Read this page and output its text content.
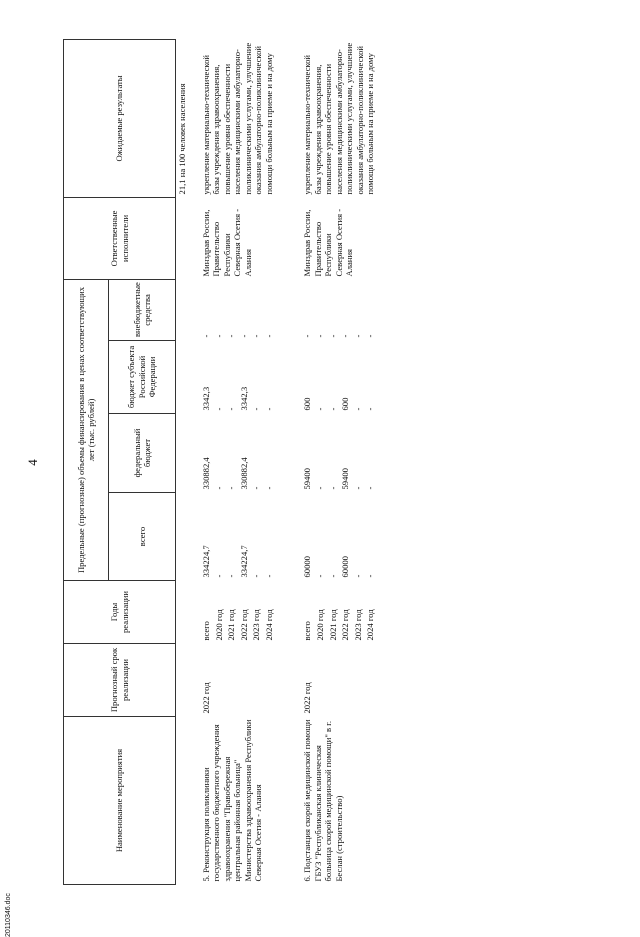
4
Наименование мероприятия	Прогнозный срок реализации	Годы реализации	Предельные (прогнозные) объемы финансирования в ценах соответствующих лет (тыс. рублей)				Ответственные исполнители	Ожидаемые результаты
			всего	федеральный бюджет	бюджет субъекта Российской Федерации	внебюджетные средства		
								21,1 на 100 человек населения
5. Реконструкция поликлиники государственного бюджетного учреждения здравоохранения "Правобережная центральная районная больница" Министерства здравоохранения Республики Северная Осетия - Алания	2022 год	всего	334224,7	330882,4	3342,3	-	Минздрав России, Правительство Республики Северная Осетия - Алания	укрепление материально-технической базы учреждения здравоохранения, повышение уровня обеспеченности населения медицинскими амбулаторно-поликлиническими услугами, улучшение оказания амбулаторно-поликлинической помощи больным на приеме и на дому
		2020 год	-	-	-	-		
		2021 год	-	-	-	-		
		2022 год	334224,7	330882,4	3342,3	-		
		2023 год	-	-	-	-		
		2024 год	-	-	-	-		

6. Подстанция скорой медицинской помощи ГБУЗ "Республиканская клиническая больница скорой медицинской помощи" в г. Беслан (строительство)	2022 год	всего	60000	59400	600	-	Минздрав России, Правительство Республики Северная Осетия - Алания	укрепление материально-технической базы учреждения здравоохранения, повышение уровня обеспеченности населения медицинскими амбулаторно-поликлиническими услугами, улучшение оказания амбулаторно-поликлинической помощи больным на приеме и на дому
		2020 год	-	-	-	-		
		2021 год	-	-	-	-		
		2022 год	60000	59400	600	-		
		2023 год	-	-	-	-		
		2024 год	-	-	-	-		
20110346.doc
